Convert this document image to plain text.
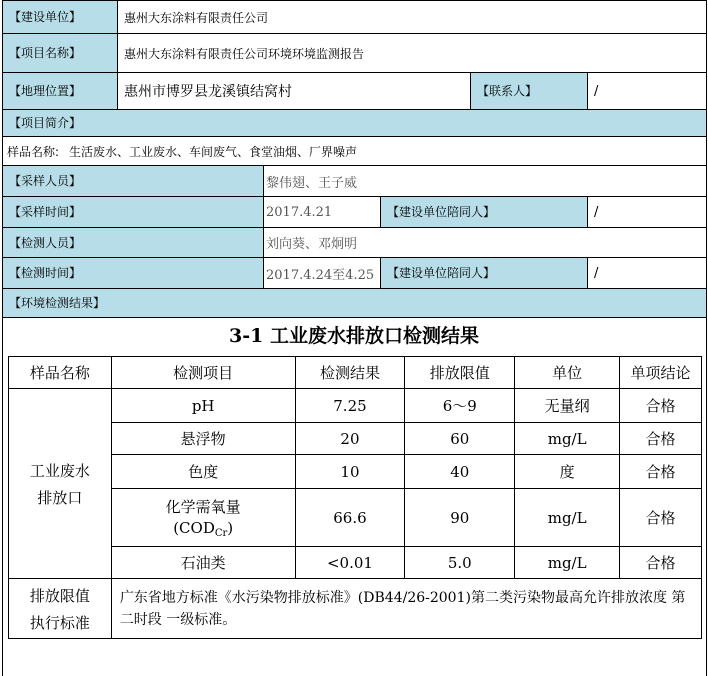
【建设单位】	惠州大东涂料有限责任公司
【项目名称】	惠州大东涂料有限责任公司环境环境监测报告
【地理位置】	惠州市博罗县龙溪镇结窝村	【联系人】	/
【项目简介】
样品名称: 生活废水、工业废水、车间废气、食堂油烟、厂界噪声
【采样人员】	黎伟翅、王子威
【采样时间】	2017.4.21	【建设单位陪同人】	/
【检测人员】	刘向葵、邓炯明
【检测时间】	2017.4.24至4.25	【建设单位陪同人】	/
【环境检测结果】
3-1 工业废水排放口检测结果
样品名称	检测项目	检测结果	排放限值	单位	单项结论

工业废水
排放口	pH	7.25	6～9	无量纲	合格
	悬浮物	20	60	mg/L	合格
	色度	10	40	度	合格

	化学需氧量
$(COD_{Cr})$	66.6	90	mg/L	合格
	石油类	<0.01	5.0	mg/L	合格

排放限值
执行标准	广东省地方标准《水污染物排放标准》(DB44/26-2001)第二类污染物最高允许排放浓度 第二时段 一级标准。				
